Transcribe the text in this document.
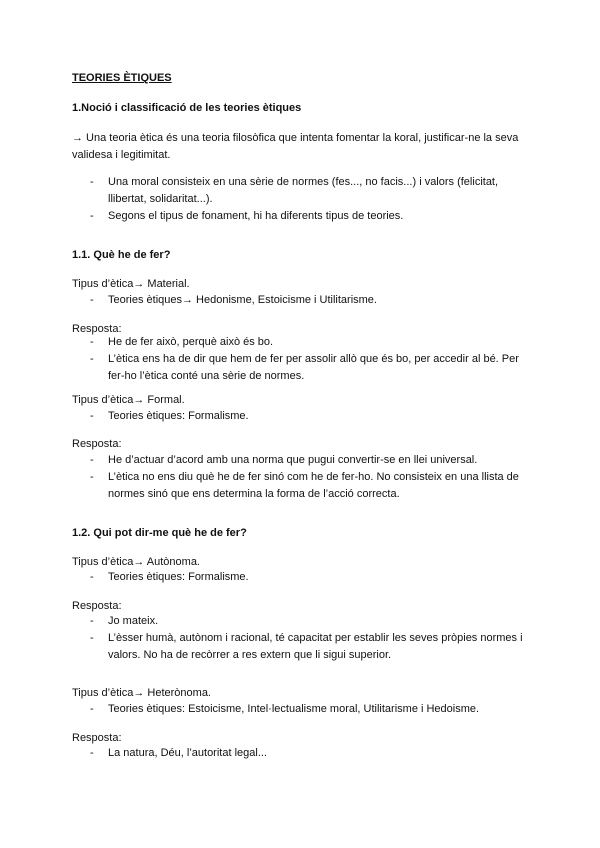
TEORIES ÈTIQUES

1.Noció i classificació de les teories ètiques

→ Una teoria ètica és una teoria filosòfica que intenta fomentar la koral, justificar-ne la seva validesa i legitimitat.

- Una moral consisteix en una sèrie de normes (fes..., no facis...) i valors (felicitat, llibertat, solidaritat...).
- Segons el tipus de fonament, hi ha diferents tipus de teories.

1.1. Què he de fer?

Tipus d’ètica→ Material.

- Teories ètiques→ Hedonisme, Estoicisme i Utilitarisme.

Resposta:

- He de fer això, perquè això és bo.
- L’ètica ens ha de dir que hem de fer per assolir allò que és bo, per accedir al bé. Per fer-ho l’ètica conté una sèrie de normes.

Tipus d’ètica→ Formal.

- Teories ètiques: Formalisme.

Resposta:

- He d’actuar d’acord amb una norma que pugui convertir-se en llei universal.
- L’ètica no ens diu què he de fer sinó com he de fer-ho. No consisteix en una llista de normes sinó que ens determina la forma de l’acció correcta.

1.2. Qui pot dir-me què he de fer?

Tipus d’ètica→ Autònoma.

- Teories ètiques: Formalisme.

Resposta:

- Jo mateix.
- L’èsser humà, autònom i racional, té capacitat per establir les seves pròpies normes i valors. No ha de recòrrer a res extern que li sigui superior.

Tipus d’ètica→ Heterònoma.

- Teories ètiques: Estoicisme, Intel·lectualisme moral, Utilitarisme i Hedoisme.

Resposta:

- La natura, Déu, l’autoritat legal...
